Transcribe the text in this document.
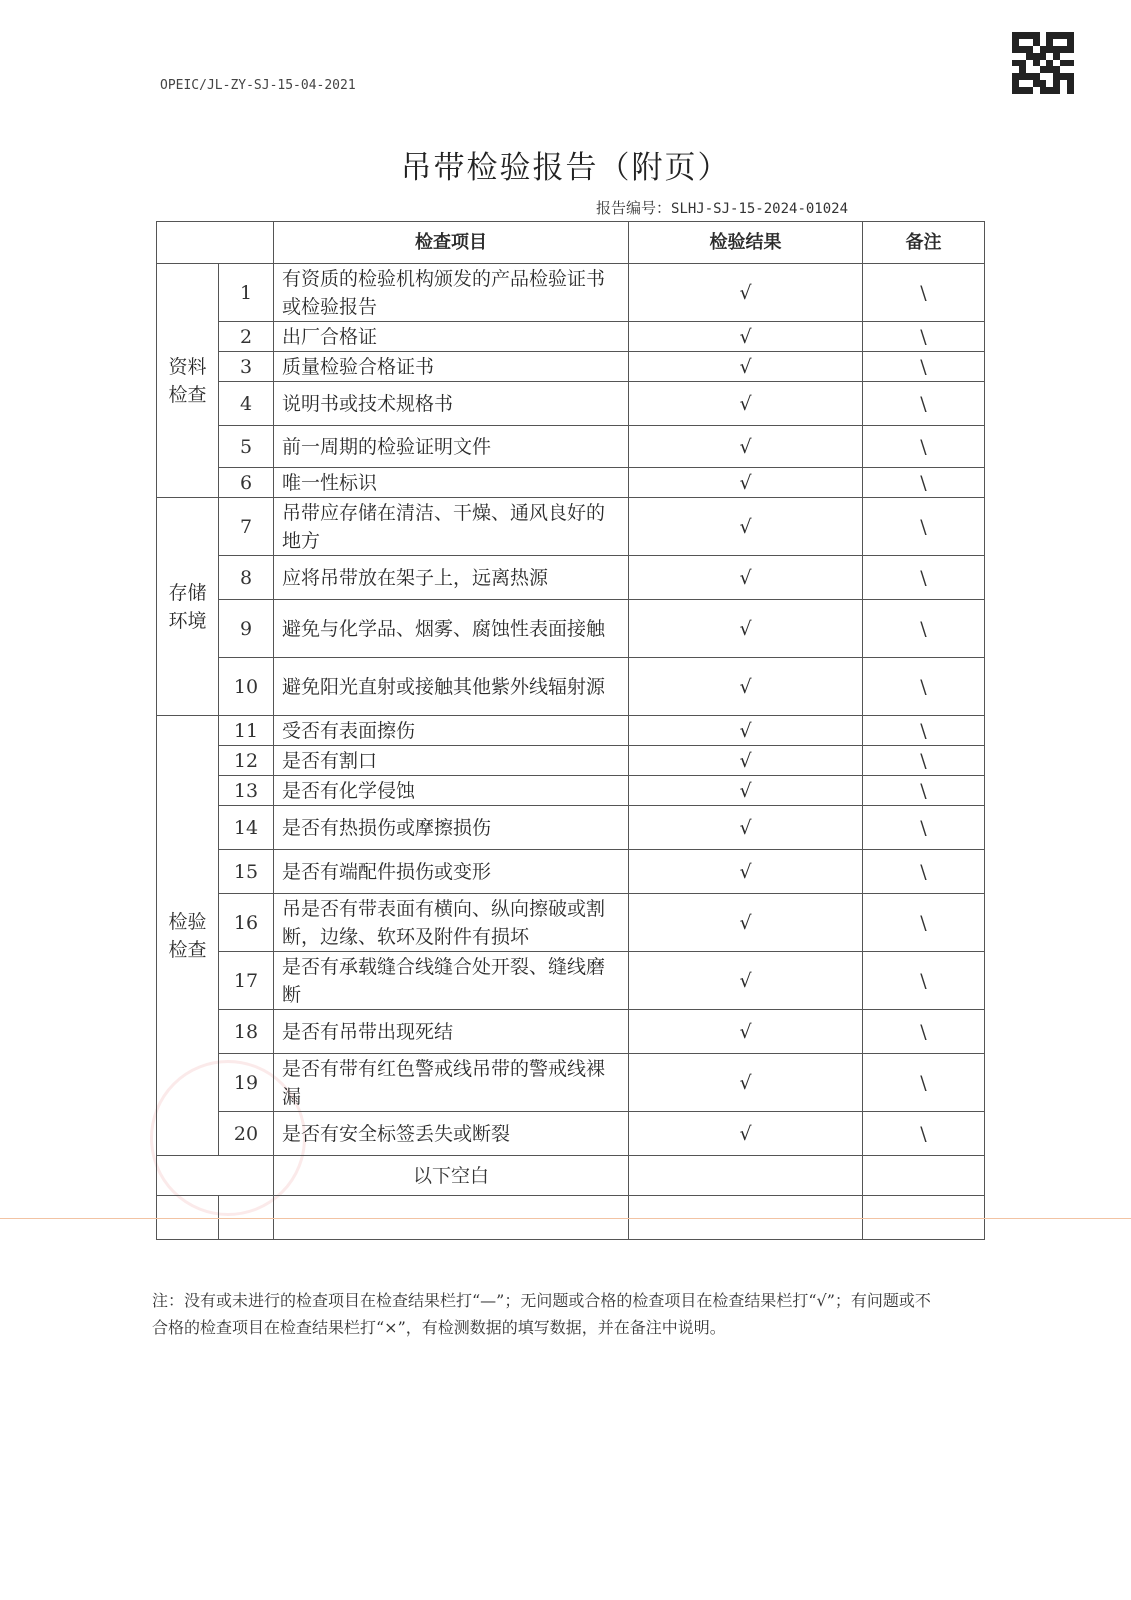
OPEIC/JL-ZY-SJ-15-04-2021
吊带检验报告（附页）
报告编号：SLHJ-SJ-15-2024-01024
		检查项目	检验结果	备注
资料检查	1	有资质的检验机构颁发的产品检验证书或检验报告	√	\
	2	出厂合格证	√	\
	3	质量检验合格证书	√	\
	4	说明书或技术规格书	√	\
	5	前一周期的检验证明文件	√	\
	6	唯一性标识	√	\
存储环境	7	吊带应存储在清洁、干燥、通风良好的地方	√	\
	8	应将吊带放在架子上，远离热源	√	\
	9	避免与化学品、烟雾、腐蚀性表面接触	√	\
	10	避免阳光直射或接触其他紫外线辐射源	√	\
检验检查	11	受否有表面擦伤	√	\
	12	是否有割口	√	\
	13	是否有化学侵蚀	√	\
	14	是否有热损伤或摩擦损伤	√	\
	15	是否有端配件损伤或变形	√	\
	16	吊是否有带表面有横向、纵向擦破或割断，边缘、软环及附件有损坏	√	\
	17	是否有承载缝合线缝合处开裂、缝线磨断	√	\
	18	是否有吊带出现死结	√	\
	19	是否有带有红色警戒线吊带的警戒线裸漏	√	\
	20	是否有安全标签丢失或断裂	√	\
		以下空白		

注：没有或未进行的检查项目在检查结果栏打“—”；无问题或合格的检查项目在检查结果栏打“√”；有问题或不合格的检查项目在检查结果栏打“×”，有检测数据的填写数据，并在备注中说明。
